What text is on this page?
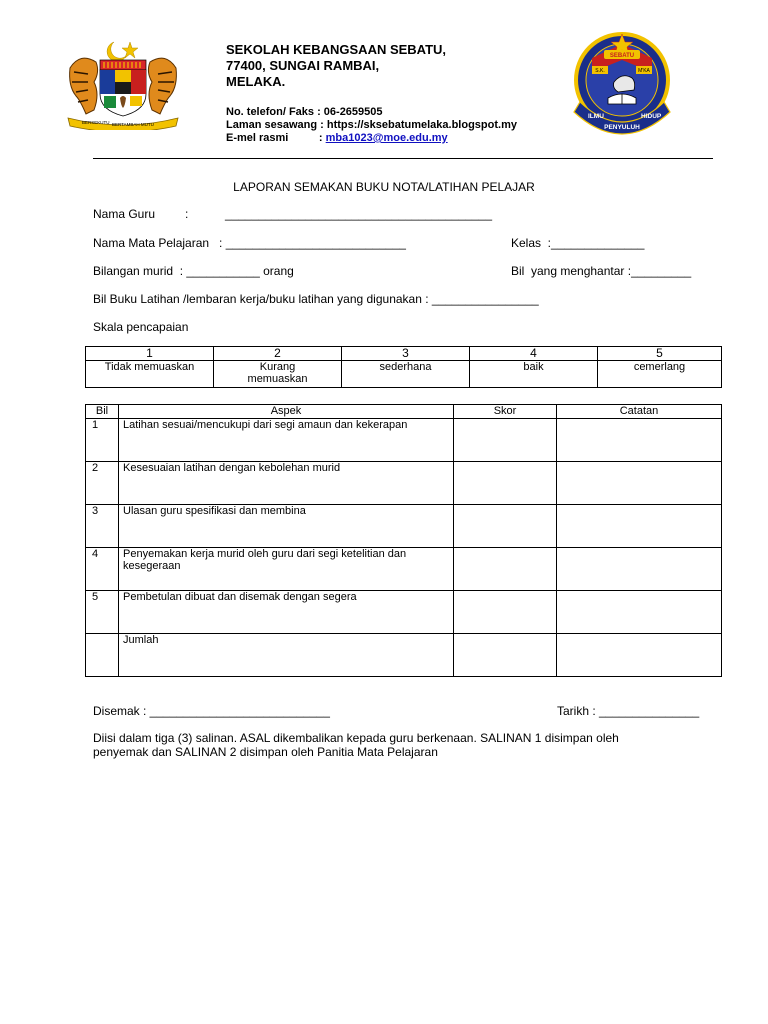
BERSEKUTU BERTAMBAH MUTU
SEKOLAH KEBANGSAAN SEBATU,
77400, SUNGAI RAMBAI,
MELAKA.
No. telefon/ Faks : 06-2659505
Laman sesawang : https://sksebatumelaka.blogspot.my
E-mel rasmi          : mba1023@moe.edu.my
SEBATU
S.K.	M'KA
ILMU
PENYULUH
HIDUP
LAPORAN SEMAKAN BUKU NOTA/LATIHAN PELAJAR
Nama Guru         :           ________________________________________
Nama Mata Pelajaran   : ___________________________	Kelas  :______________
Bilangan murid  : ___________ orang	Bil  yang menghantar :_________
Bil Buku Latihan /lembaran kerja/buku latihan yang digunakan : ________________
Skala pencapaian
1	2	3	4	5
Tidak memuaskan	Kurang memuaskan	sederhana	baik	cemerlang
Bil	Aspek	Skor	Catatan
1	Latihan sesuai/mencukupi dari segi amaun dan kekerapan		
2	Kesesuaian latihan dengan kebolehan murid		
3	Ulasan guru spesifikasi dan membina		
4	Penyemakan kerja murid oleh guru dari segi ketelitian dan kesegeraan		
5	Pembetulan dibuat dan disemak dengan segera		
	Jumlah		
Disemak : ___________________________	Tarikh : _______________
Diisi dalam tiga (3) salinan. ASAL dikembalikan kepada guru berkenaan. SALINAN 1 disimpan oleh penyemak dan SALINAN 2 disimpan oleh Panitia Mata Pelajaran
